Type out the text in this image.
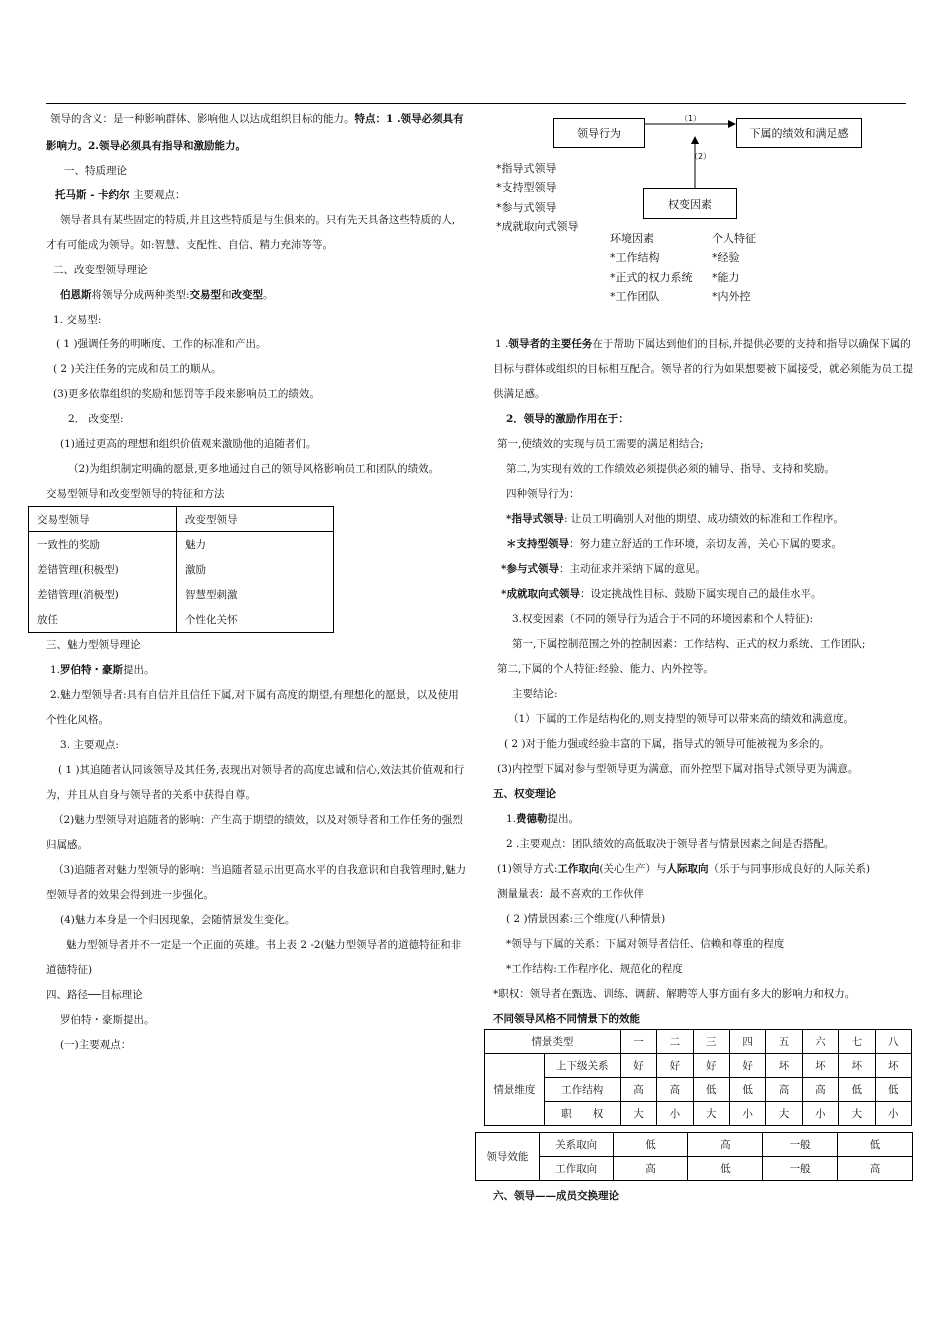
领导的含义：是一种影响群体、影响他人以达成组织目标的能力。特点：1 .领导必须具有
影响力。2.领导必须具有指导和激励能力。
一、特质理论
托马斯 - 卡约尔 主要观点：
领导者具有某些固定的特质,并且这些特质是与生俱来的。只有先天具备这些特质的人,
才有可能成为领导。如:智慧、支配性、自信、精力充沛等等。
二、改变型领导理论
伯恩斯将领导分成两种类型:交易型和改变型。
1. 交易型:
( 1 )强调任务的明晰度、工作的标准和产出。
( 2 )关注任务的完成和员工的顺从。
(3)更多依靠组织的奖励和惩罚等手段来影响员工的绩效。
2． 改变型:
(1)通过更高的理想和组织价值观来激励他的追随者们。
（2)为组织制定明确的愿景,更多地通过自己的领导风格影响员工和团队的绩效。
交易型领导和改变型领导的特征和方法
交易型领导	改变型领导
一致性的奖励	魅力
差错管理(积极型)	激励
差错管理(消极型)	智慧型刺激
放任	个性化关怀
三、魅力型领导理论
1.罗伯特・豪斯提出。
2.魅力型领导者:具有自信并且信任下属,对下属有高度的期望,有理想化的愿景，以及使用
个性化风格。
3. 主要观点:
( 1 )其追随者认同该领导及其任务,表现出对领导者的高度忠诚和信心,效法其价值观和行
为，并且从自身与领导者的关系中获得自尊。
（2)魅力型领导对追随者的影响：产生高于期望的绩效，以及对领导者和工作任务的强烈
归属感。
（3)追随者对魅力型领导的影响：当追随者显示出更高水平的自我意识和自我管理时,魅力
型领导者的效果会得到进一步强化。
(4)魅力本身是一个归因现象，会随情景发生变化。
魅力型领导者并不一定是一个正面的英雄。书上表 2 -2(魅力型领导者的道德特征和非
道德特征)
四、路径──目标理论
罗伯特・豪斯提出。
(一)主要观点：
（1）
（2）
领导行为	下属的绩效和满足感
权变因素
*指导式领导
*支持型领导
*参与式领导
*成就取向式领导
环境因素
*工作结构
*正式的权力系统
*工作团队
个人特征
*经验
*能力
*内外控
1 .领导者的主要任务在于帮助下属达到他们的目标,并提供必要的支持和指导以确保下属的
目标与群体或组织的目标相互配合。领导者的行为如果想要被下属接受，就必须能为员工提
供满足感。
2．领导的激励作用在于：
第一,使绩效的实现与员工需要的满足相结合;
第二,为实现有效的工作绩效必须提供必须的辅导、指导、支持和奖励。
四种领导行为：
*指导式领导: 让员工明确别人对他的期望、成功绩效的标准和工作程序。
＊支持型领导：努力建立舒适的工作环境，亲切友善，关心下属的要求。
*参与式领导：主动征求并采纳下属的意见。
*成就取向式领导：设定挑战性目标、鼓励下属实现自己的最佳水平。
3.权变因素（不同的领导行为适合于不同的环境因素和个人特征):
第一,下属控制范围之外的控制因素：工作结构、正式的权力系统、工作团队;
第二,下属的个人特征:经验、能力、内外控等。
主要结论:
（1）下属的工作是结构化的,则支持型的领导可以带来高的绩效和满意度。
( 2 )对于能力强或经验丰富的下属，指导式的领导可能被视为多余的。
(3)内控型下属对参与型领导更为满意，而外控型下属对指导式领导更为满意。
五、权变理论
1.费德勒提出。
2 .主要观点：团队绩效的高低取决于领导者与情景因素之间是否搭配。
(1)领导方式:工作取向(关心生产）与人际取向（乐于与同事形成良好的人际关系)
测量量表：最不喜欢的工作伙伴
( 2 )情景因素:三个维度(八种情景)
*领导与下属的关系：下属对领导者信任、信赖和尊重的程度
*工作结构:工作程序化、规范化的程度
*职权：领导者在甄选、训练、调薪、解聘等人事方面有多大的影响力和权力。
不同领导风格不同情景下的效能
情景类型		一	二	三	四	五	六	七	八
情景维度	上下级关系	好	好	好	好	坏	坏	坏	坏
	工作结构	高	高	低	低	高	高	低	低
	职　　权	大	小	大	小	大	小	大	小
领导效能	关系取向	低	高	一般	低
	工作取向	高	低	一般	高
六、领导——成员交换理论
